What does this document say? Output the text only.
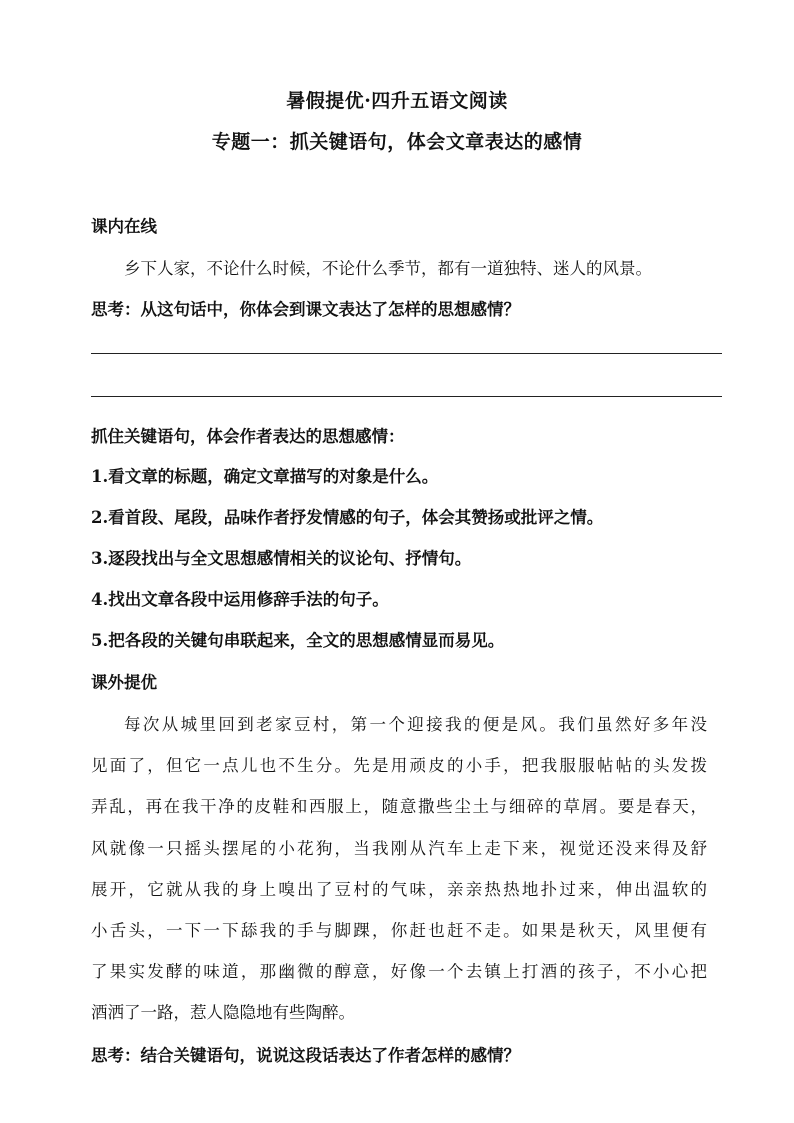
暑假提优·四升五语文阅读
专题一：抓关键语句，体会文章表达的感情
课内在线
乡下人家，不论什么时候，不论什么季节，都有一道独特、迷人的风景。
思考：从这句话中，你体会到课文表达了怎样的思想感情？
抓住关键语句，体会作者表达的思想感情：
1.看文章的标题，确定文章描写的对象是什么。
2.看首段、尾段，品味作者抒发情感的句子，体会其赞扬或批评之情。
3.逐段找出与全文思想感情相关的议论句、抒情句。
4.找出文章各段中运用修辞手法的句子。
5.把各段的关键句串联起来，全文的思想感情显而易见。
课外提优
每次从城里回到老家豆村，第一个迎接我的便是风。我们虽然好多年没
见面了，但它一点儿也不生分。先是用顽皮的小手，把我服服帖帖的头发拨
弄乱，再在我干净的皮鞋和西服上，随意撒些尘土与细碎的草屑。要是春天，
风就像一只摇头摆尾的小花狗，当我刚从汽车上走下来，视觉还没来得及舒
展开，它就从我的身上嗅出了豆村的气味，亲亲热热地扑过来，伸出温软的
小舌头，一下一下舔我的手与脚踝，你赶也赶不走。如果是秋天，风里便有
了果实发酵的味道，那幽微的醇意，好像一个去镇上打酒的孩子，不小心把
酒洒了一路，惹人隐隐地有些陶醉。
思考：结合关键语句，说说这段话表达了作者怎样的感情？
